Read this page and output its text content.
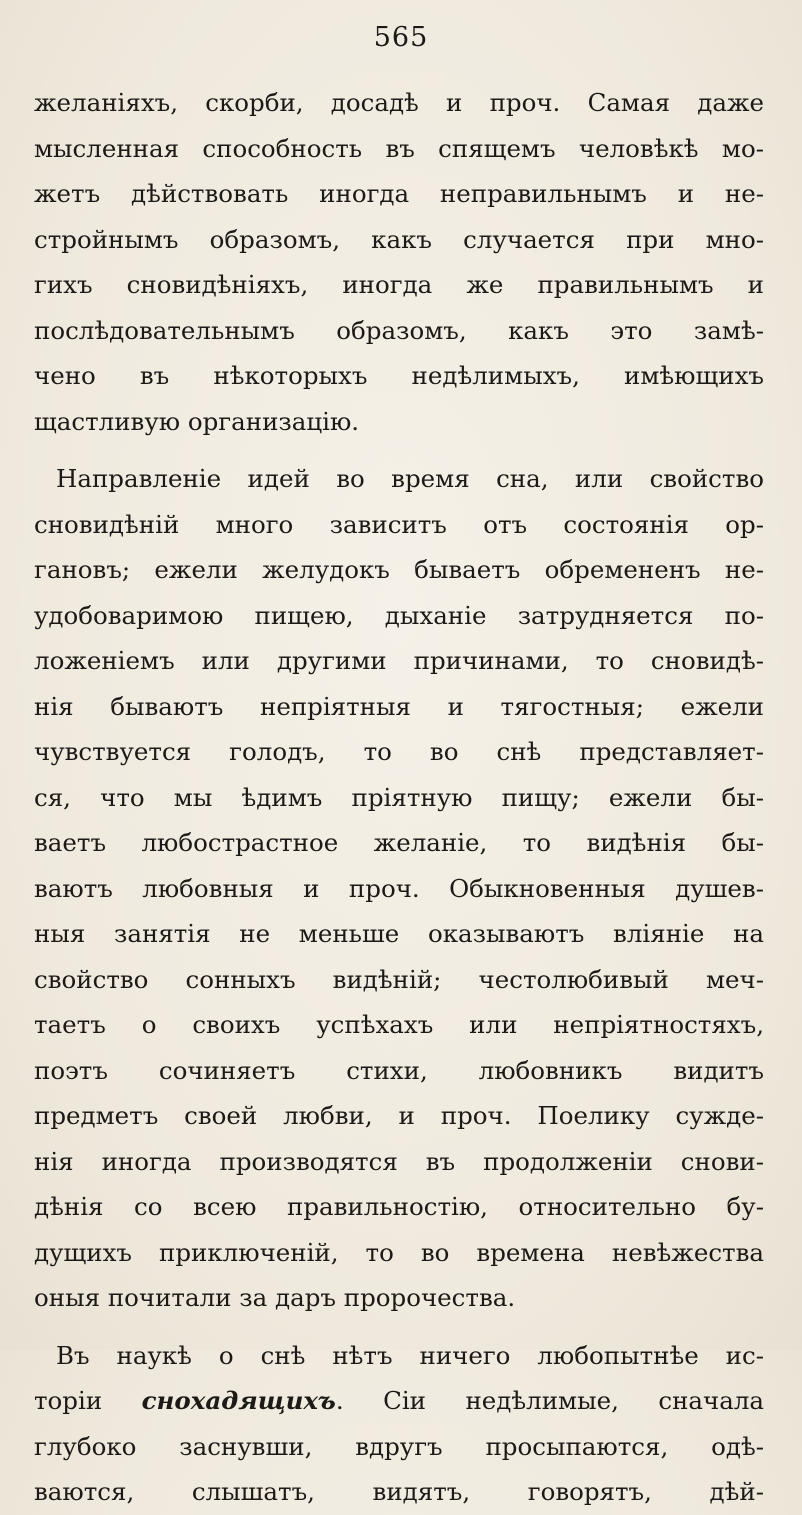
565
желанiяхъ, скорби, досадѣ и проч. Самая даже
мысленная способность въ спящемъ человѣкѣ мо-
жетъ дѣйствовать иногда неправильнымъ и не-
стройнымъ образомъ, какъ случается при мно-
гихъ сновидѣнiяхъ, иногда же правильнымъ и
послѣдовательнымъ образомъ, какъ это замѣ-
чено въ нѣкоторыхъ недѣлимыхъ, имѣющихъ
щастливую организацiю.
Направленiе идей во время сна, или свойство
сновидѣнiй много зависитъ отъ состоянiя ор-
гановъ; ежели желудокъ бываетъ обремененъ не-
удобоваримою пищею, дыханiе затрудняется по-
ложенiемъ или другими причинами, то сновидѣ-
нiя бываютъ непрiятныя и тягостныя; ежели
чувствуется голодъ, то во снѣ представляет-
ся, что мы ѣдимъ прiятную пищу; ежели бы-
ваетъ любострастное желанiе, то видѣнiя бы-
ваютъ любовныя и проч. Обыкновенныя душев-
ныя занятiя не меньше оказываютъ влiянiе на
свойство сонныхъ видѣнiй; честолюбивый меч-
таетъ о своихъ успѣхахъ или непрiятностяхъ,
поэтъ сочиняетъ стихи, любовникъ видитъ
предметъ своей любви, и проч. Поелику сужде-
нiя иногда производятся въ продолженiи снови-
дѣнiя со всею правильностiю, относительно бу-
дущихъ приключенiй, то во времена невѣжества
оныя почитали за даръ пророчества.
Въ наукѣ о снѣ нѣтъ ничего любопытнѣе ис-
торiи снохадящихъ. Сiи недѣлимые, сначала
глубоко заснувши, вдругъ просыпаются, одѣ-
ваются, слышатъ, видятъ, говорятъ, дѣй-
